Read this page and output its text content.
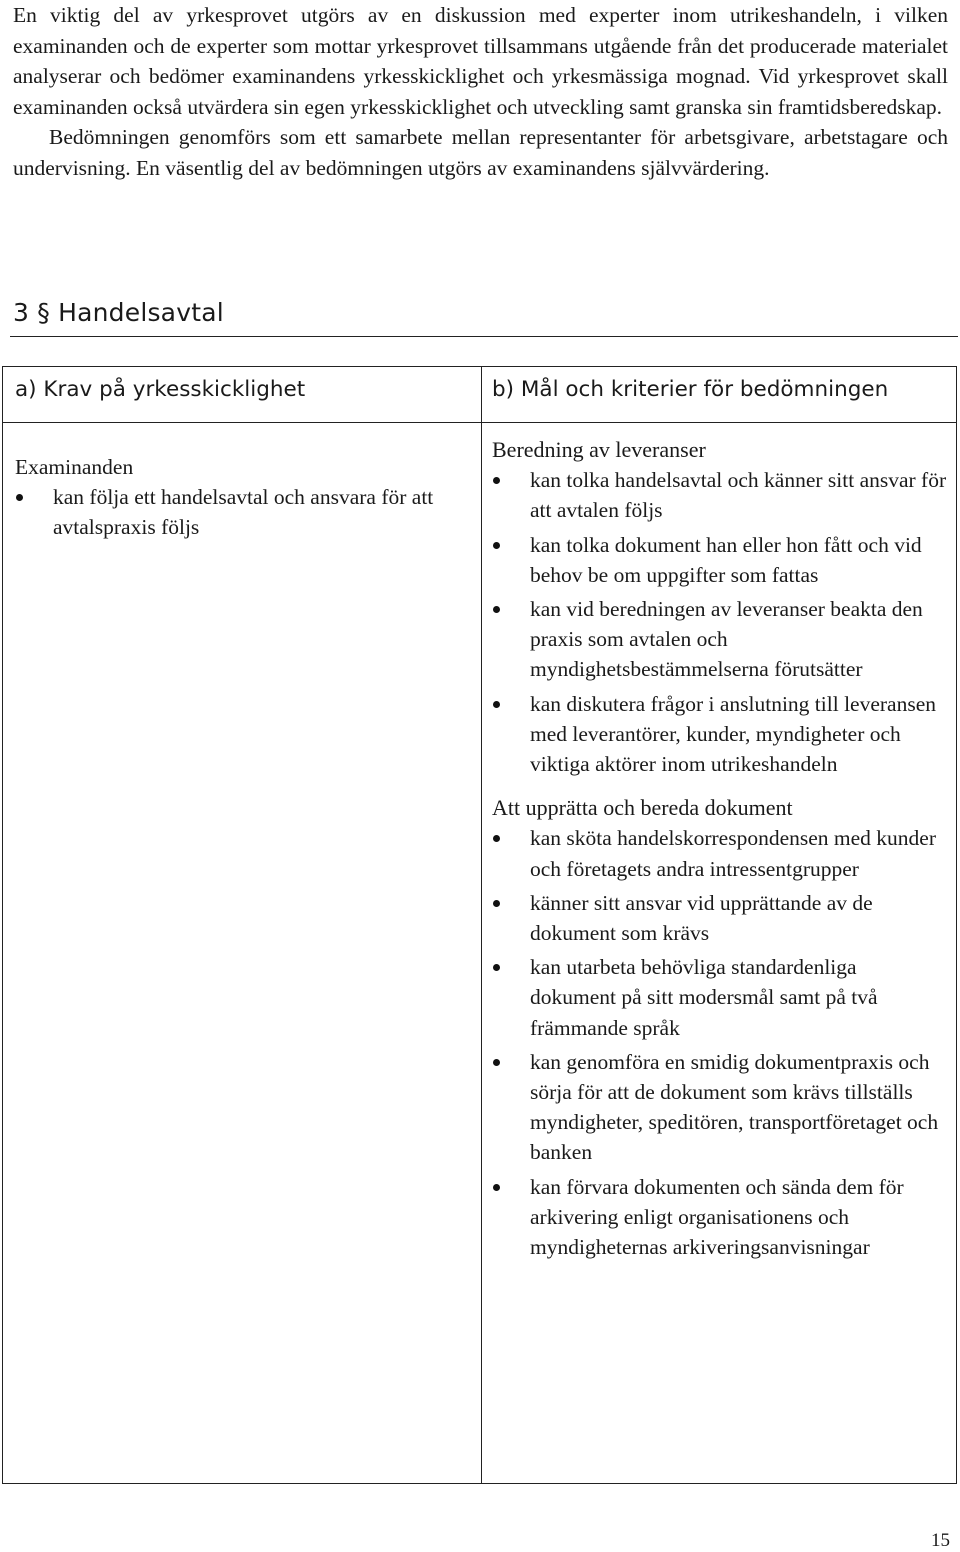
En viktig del av yrkesprovet utgörs av en diskussion med experter inom utrikeshandeln, i vilken examinanden och de experter som mottar yrkesprovet tillsammans utgående från det producerade materialet analyserar och bedömer examinandens yrkesskicklighet och yrkesmässiga mognad. Vid yrkesprovet skall examinanden också utvärdera sin egen yrkesskicklighet och utveckling samt granska sin framtidsberedskap.

Bedömningen genomförs som ett samarbete mellan representanter för arbetsgivare, arbetstagare och undervisning. En väsentlig del av bedömningen utgörs av examinandens självvärdering.

3 § Handelsavtal
a) Krav på yrkesskicklighet	b) Mål och kriterier för bedömningen

Examinanden

kan följa ett handelsavtal och ansvara för att avtalspraxis följs

Beredning av leveranser

kan tolka handelsavtal och känner sitt ansvar för att avtalen följs
kan tolka dokument han eller hon fått och vid behov be om uppgifter som fattas
kan vid beredningen av leveranser beakta den praxis som avtalen och myndighetsbestämmelserna förutsätter
kan diskutera frågor i anslutning till leveransen med leverantörer, kunder, myndigheter och viktiga aktörer inom utrikeshandeln

Att upprätta och bereda dokument

kan sköta handelskorrespondensen med kunder och företagets andra intressentgrupper
känner sitt ansvar vid upprättande av de dokument som krävs
kan utarbeta behövliga standardenliga dokument på sitt modersmål samt på två främmande språk
kan genomföra en smidig dokumentpraxis och sörja för att de dokument som krävs tillställs myndigheter, speditören, transportföretaget och banken
kan förvara dokumenten och sända dem för arkivering enligt organisationens och myndigheternas arkiveringsanvisningar
15
